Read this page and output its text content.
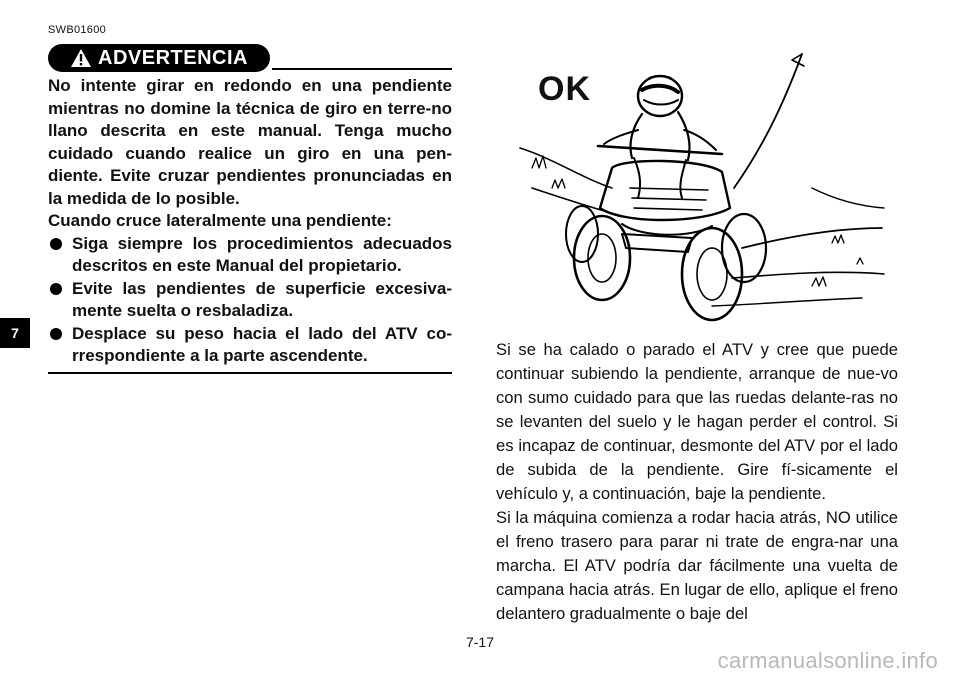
SWB01600
ADVERTENCIA

No intente girar en redondo en una pendiente mientras no domine la técnica de giro en terre-no llano descrita en este manual. Tenga mucho cuidado cuando realice un giro en una pen-diente. Evite cruzar pendientes pronunciadas en la medida de lo posible.

Cuando cruce lateralmente una pendiente:

Siga siempre los procedimientos adecuados descritos en este Manual del propietario.
Evite las pendientes de superficie excesiva-mente suelta o resbaladiza.
Desplace su peso hacia el lado del ATV co-rrespondiente a la parte ascendente.
7
OK

Si se ha calado o parado el ATV y cree que puede continuar subiendo la pendiente, arranque de nue-vo con sumo cuidado para que las ruedas delante-ras no se levanten del suelo y le hagan perder el control. Si es incapaz de continuar, desmonte del ATV por el lado de subida de la pendiente. Gire fí-sicamente el vehículo y, a continuación, baje la pendiente.

Si la máquina comienza a rodar hacia atrás, NO utilice el freno trasero para parar ni trate de engra-nar una marcha. El ATV podría dar fácilmente una vuelta de campana hacia atrás. En lugar de ello, aplique el freno delantero gradualmente o baje del

7-17
carmanualsonline.info
